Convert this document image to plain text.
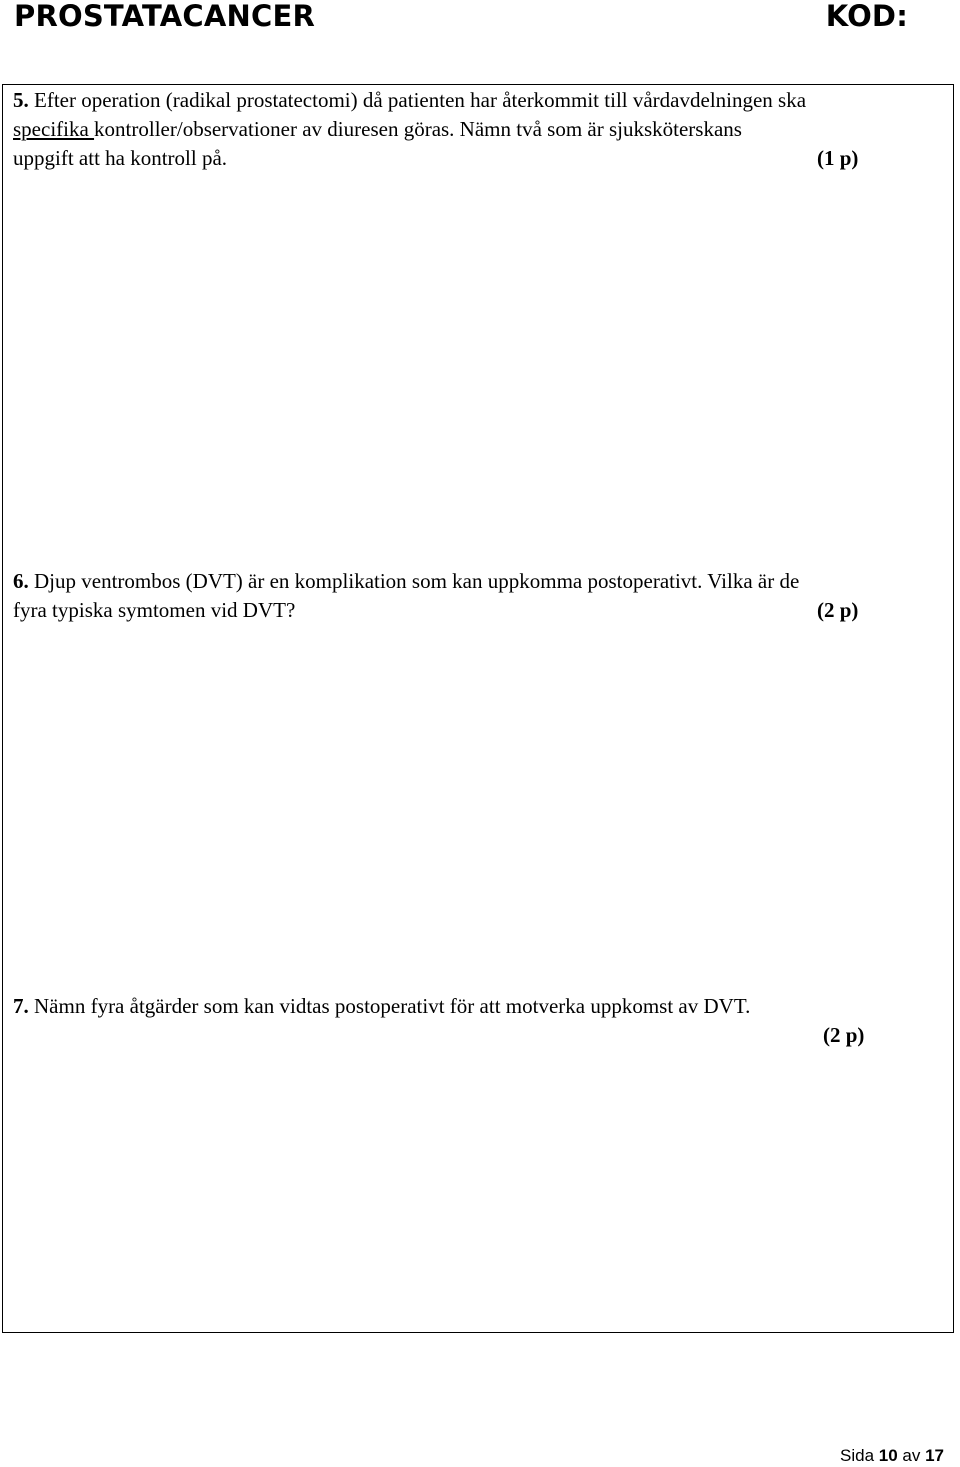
PROSTATACANCER	KOD:
5. Efter operation (radikal prostatectomi) då patienten har återkommit till vårdavdelningen ska
specifika kontroller/observationer av diuresen göras. Nämn två som är sjuksköterskans
uppgift att ha kontroll på.	(1 p)
6. Djup ventrombos (DVT) är en komplikation som kan uppkomma postoperativt. Vilka är de
fyra typiska symtomen vid DVT?	(2 p)
7. Nämn fyra åtgärder som kan vidtas postoperativt för att motverka uppkomst av DVT.
(2 p)
Sida 10 av 17
